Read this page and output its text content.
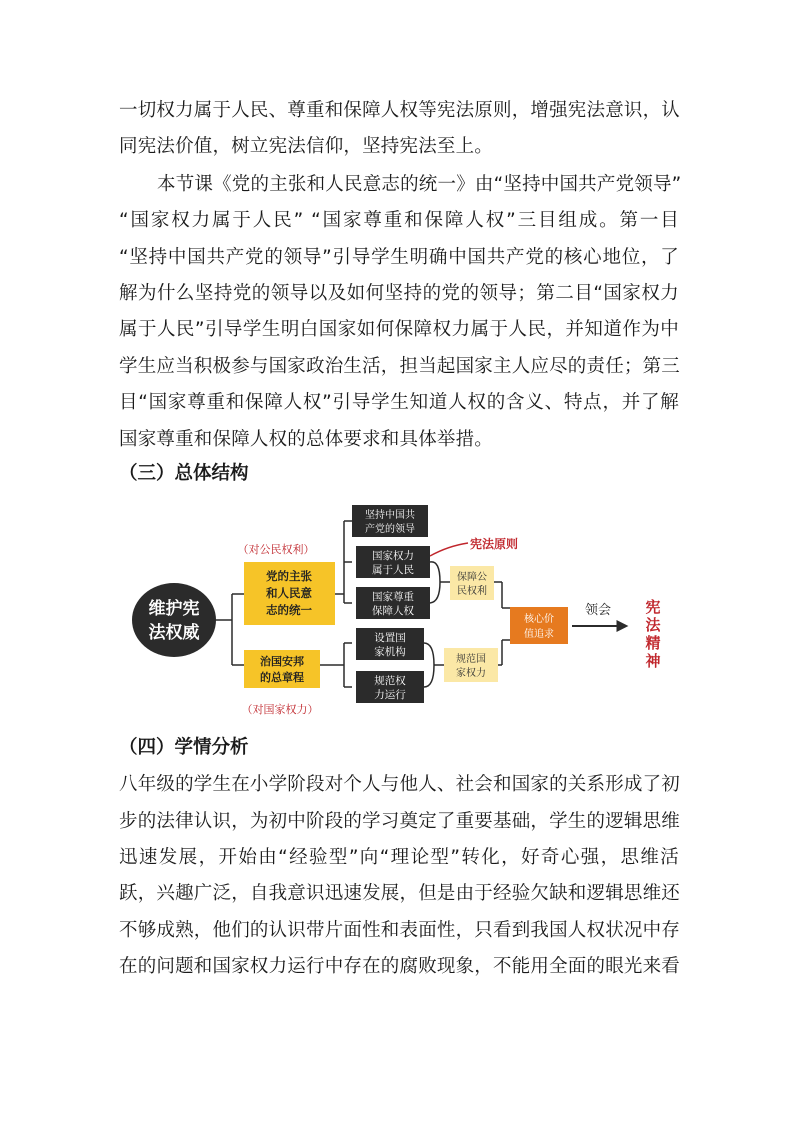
一切权力属于人民、尊重和保障人权等宪法原则，增强宪法意识，认
同宪法价值，树立宪法信仰，坚持宪法至上。
本节课《党的主张和人民意志的统一》由“坚持中国共产党领导”
“国家权力属于人民” “国家尊重和保障人权”三目组成。第一目
“坚持中国共产党的领导”引导学生明确中国共产党的核心地位，了
解为什么坚持党的领导以及如何坚持的党的领导；第二目“国家权力
属于人民”引导学生明白国家如何保障权力属于人民，并知道作为中
学生应当积极参与国家政治生活，担当起国家主人应尽的责任；第三
目“国家尊重和保障人权”引导学生知道人权的含义、特点，并了解
国家尊重和保障人权的总体要求和具体举措。
（三）总体结构
维护宪
法权威
（对公民权利）
（对国家权力）
党的主张
和人民意
志的统一
治国安邦
的总章程
坚持中国共
产党的领导
国家权力
属于人民
国家尊重
保障人权
设置国
家机构
规范权
力运行
宪法原则
保障公
民权利
规范国
家权力
核心价
值追求
领会 宪
法
精
神
（四）学情分析
八年级的学生在小学阶段对个人与他人、社会和国家的关系形成了初
步的法律认识，为初中阶段的学习奠定了重要基础，学生的逻辑思维
迅速发展，开始由“经验型”向“理论型”转化，好奇心强，思维活
跃，兴趣广泛，自我意识迅速发展，但是由于经验欠缺和逻辑思维还
不够成熟，他们的认识带片面性和表面性，只看到我国人权状况中存
在的问题和国家权力运行中存在的腐败现象，不能用全面的眼光来看
